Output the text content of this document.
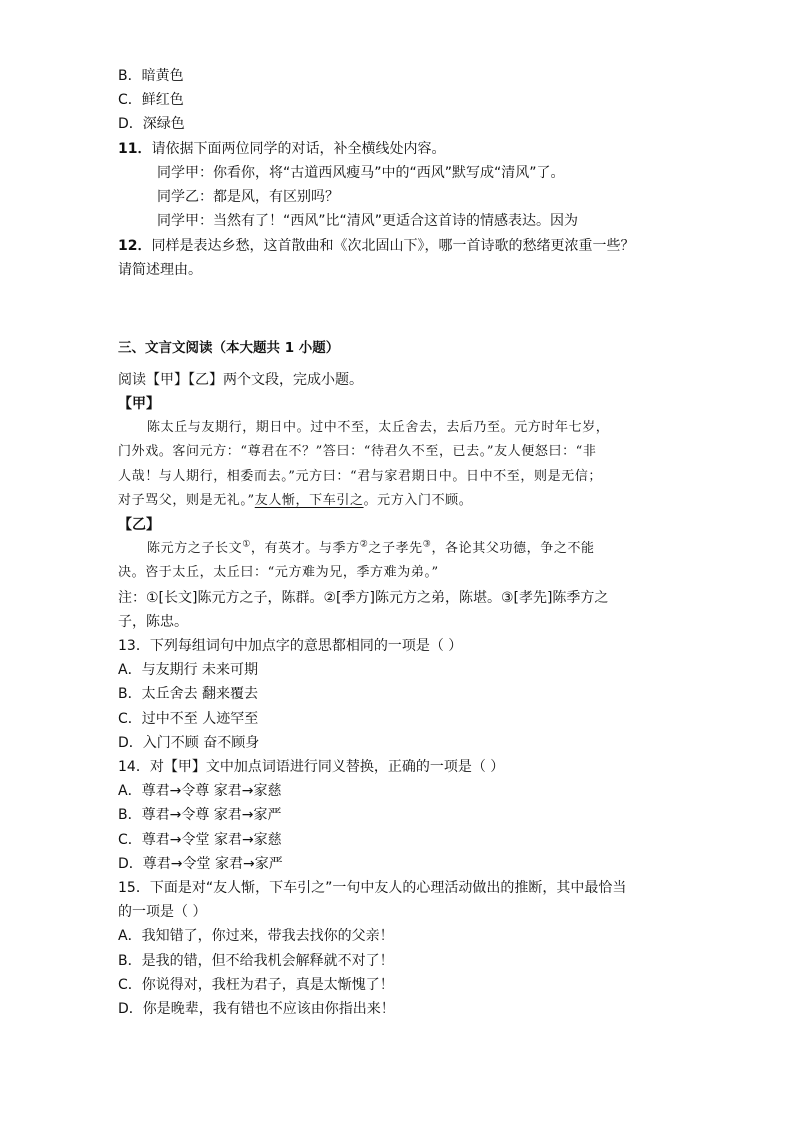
B．暗黄色
C．鲜红色
D．深绿色
11．请依据下面两位同学的对话，补全横线处内容。
同学甲：你看你，将“古道西风瘦马”中的“西风”默写成“清风”了。
同学乙：都是风，有区别吗？
同学甲：当然有了！“西风”比“清风”更适合这首诗的情感表达。因为
12．同样是表达乡愁，这首散曲和《次北固山下》，哪一首诗歌的愁绪更浓重一些？
请简述理由。
三、文言文阅读（本大题共 1 小题）
阅读【甲】【乙】两个文段，完成小题。
【甲】
陈太丘与友期行，期日中。过中不至，太丘舍去，去后乃至。元方时年七岁，
门外戏。客问元方：“尊君在不？”答曰：“待君久不至，已去。”友人便怒曰：“非
人哉！与人期行，相委而去。”元方曰：“君与家君期日中。日中不至，则是无信；
对子骂父，则是无礼。”友人惭，下车引之。元方入门不顾。
【乙】
陈元方之子长文①，有英才。与季方②之子孝先③，各论其父功德，争之不能
决。咨于太丘，太丘曰：“元方难为兄，季方难为弟。”
注：①[长文]陈元方之子，陈群。②[季方]陈元方之弟，陈堪。③[孝先]陈季方之
子，陈忠。
13．下列每组词句中加点字的意思都相同的一项是（ ）
A．与友期行 未来可期
B．太丘舍去 翻来覆去
C．过中不至 人迹罕至
D．入门不顾 奋不顾身
14．对【甲】文中加点词语进行同义替换，正确的一项是（ ）
A．尊君→令尊 家君→家慈
B．尊君→令尊 家君→家严
C．尊君→令堂 家君→家慈
D．尊君→令堂 家君→家严
15．下面是对“友人惭，下车引之”一句中友人的心理活动做出的推断，其中最恰当
的一项是（ ）
A．我知错了，你过来，带我去找你的父亲！
B．是我的错，但不给我机会解释就不对了！
C．你说得对，我枉为君子，真是太惭愧了！
D．你是晚辈，我有错也不应该由你指出来！
